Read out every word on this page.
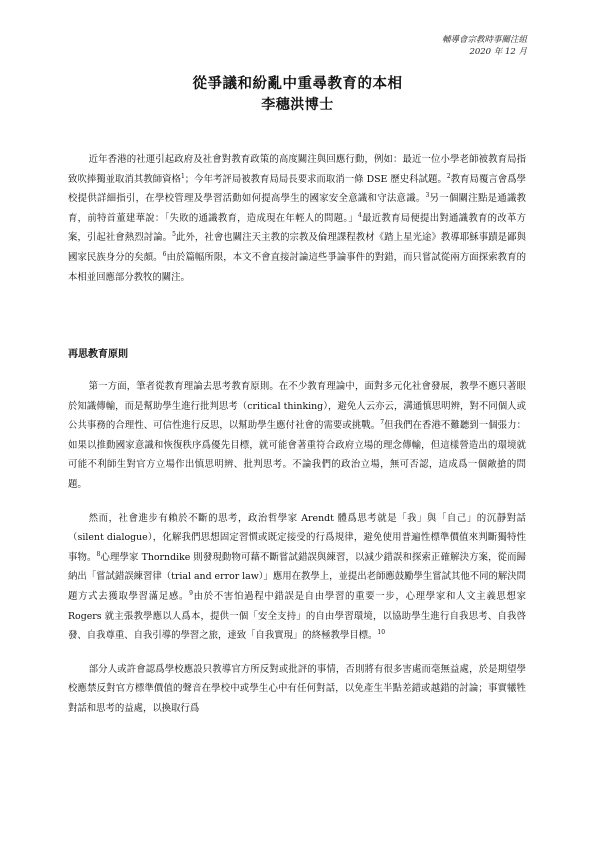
輔導會宗教時事關注組
2020 年 12 月
從爭議和紛亂中重尋教育的本相
李穗洪博士

近年香港的社運引起政府及社會對教育政策的高度關注與回應行動，例如：最近一位小學老師被教育局指致吹捧獨並取消其教師資格$^1$；今年考評局被教育局局長要求而取消一條 DSE 歷史科試題。$^2$教育局覆言會爲學校提供詳細指引，在學校管理及學習活動如何提高學生的國家安全意識和守法意識。$^3$另一個關注點是通識教育，前特首董建華說：「失敗的通識教育，造成現在年輕人的問題。」$^4$最近教育局便提出對通識教育的改革方案，引起社會熱烈討論。$^5$此外，社會也關注天主教的宗教及倫理課程教材《踏上星光途》教導耶穌事蹟是鄙與國家民族身分的矣頗。$^6$由於篇幅所限，本文不會直接討論這些爭論事件的對錯，而只嘗試從兩方面探索教育的本相並回應部分教牧的關注。

再思教育原則

第一方面，筆者從教育理論去思考教育原則。在不少教育理論中，面對多元化社會發展，教學不應只著眼於知識傳輸，而是幫助學生進行批判思考（critical thinking），避免人云亦云，溝通慎思明辨，對不同個人或公共事務的合理性、可信性進行反思，以幫助學生應付社會的需要或挑戰。$^7$但我們在香港不難聽到一個張力：如果以推動國家意識和恢復秩序爲優先目標，就可能會著重符合政府立場的理念傳輸，但這樣營造出的環境就可能不利師生對官方立場作出慎思明辨、批判思考。不論我們的政治立場，無可否認，這成爲一個敵搶的問題。

然而，社會進步有賴於不斷的思考，政治哲學家 Arendt 體爲思考就是「我」與「自己」的沉靜對話（silent dialogue），化解我們思想固定習慣或既定接受的行爲規律，避免使用普遍性標準價值來判斷獨特性事物。$^8$心理學家 Thorndike 則發現動物可藉不斷嘗試錯誤與練習，以減少錯誤和探索正確解決方案，從而歸納出「嘗試錯誤練習律（trial and error law）」應用在教學上，並提出老師應鼓勵學生嘗試其他不同的解決問題方式去獲取學習滿足感。$^9$由於不害怕過程中錯誤是自由學習的重要一步，心理學家和人文主義思想家 Rogers 就主張教學應以人爲本，提供一個「安全支持」的自由學習環境，以協助學生進行自我思考、自我啓發、自我尊重、自我引導的學習之旅，達致「自我實現」的終極教學目標。$^{10}$

部分人或許會認爲學校應設只教導官方所反對或批評的事情，否則將有很多害處而毫無益處，於是期望學校應禁反對官方標準價值的聲音在學校中或學生心中有任何對話，以免產生半點差錯或越錯的討論；事實犧牲對話和思考的益處，以換取行爲
